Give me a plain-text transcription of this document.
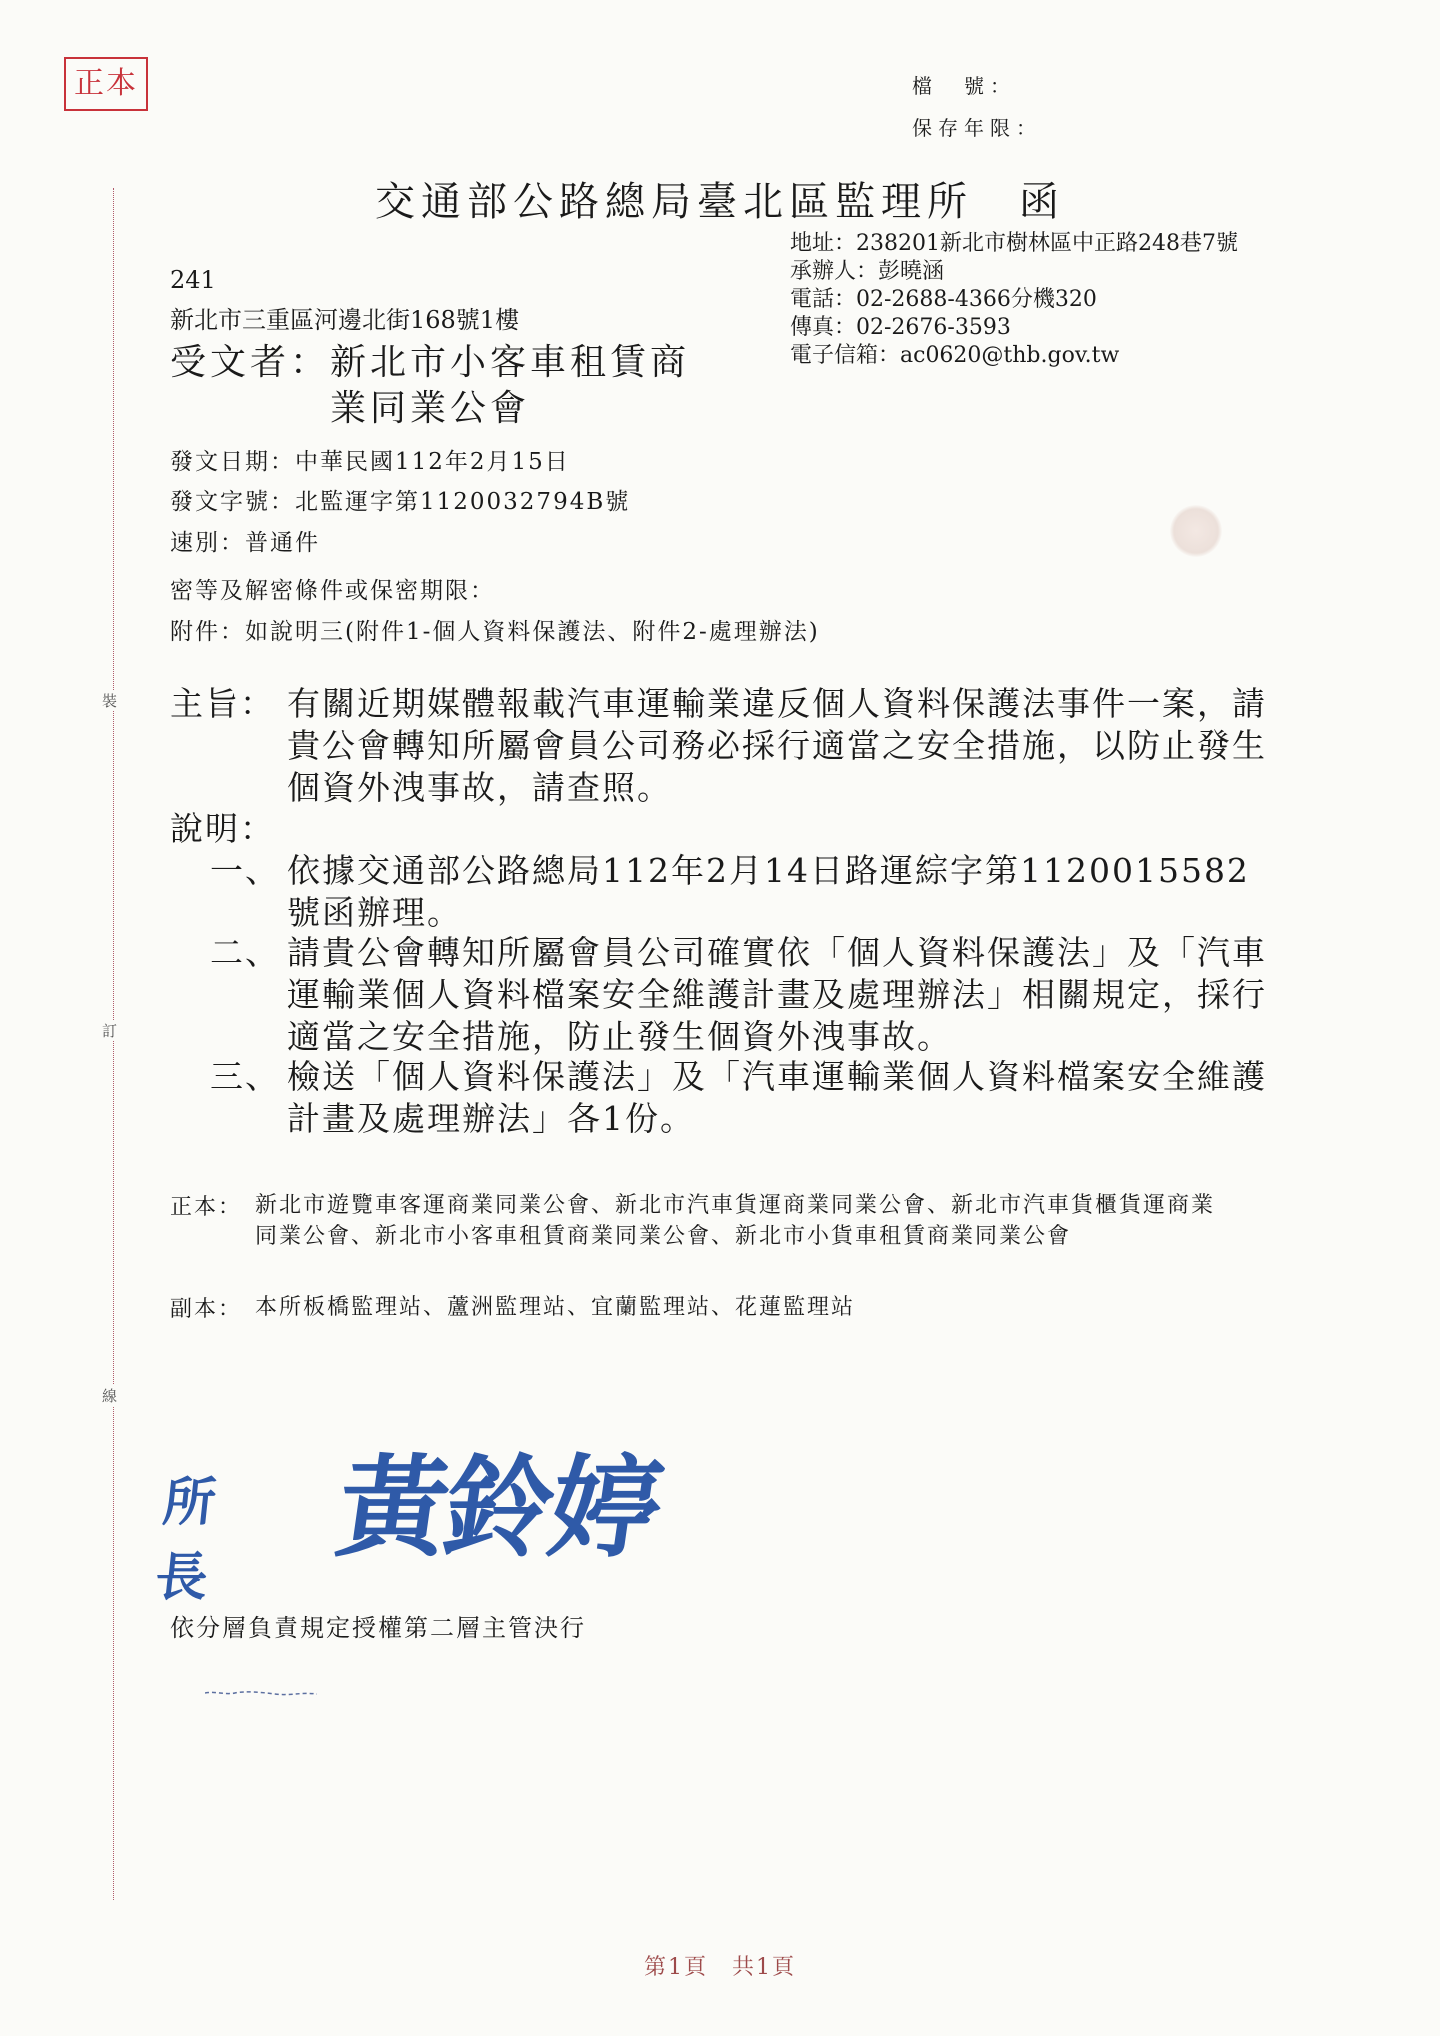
正本	檔　號：
保存年限：
交通部公路總局臺北區監理所　函
地址：238201新北市樹林區中正路248巷7號
承辦人：彭曉涵
電話：02-2688-4366分機320
傳真：02-2676-3593
電子信箱：ac0620@thb.gov.tw
241
新北市三重區河邊北街168號1樓
受文者： 新北市小客車租賃商業同業公會
發文日期：中華民國112年2月15日
發文字號：北監運字第1120032794B號
速別：普通件
密等及解密條件或保密期限：
附件：如說明三(附件1-個人資料保護法、附件2-處理辦法)
裝
訂
線
主旨： 有關近期媒體報載汽車運輸業違反個人資料保護法事件一案，請貴公會轉知所屬會員公司務必採行適當之安全措施，以防止發生個資外洩事故，請查照。
說明：
一、 依據交通部公路總局112年2月14日路運綜字第1120015582號函辦理。
二、 請貴公會轉知所屬會員公司確實依「個人資料保護法」及「汽車運輸業個人資料檔案安全維護計畫及處理辦法」相關規定，採行適當之安全措施，防止發生個資外洩事故。
三、 檢送「個人資料保護法」及「汽車運輸業個人資料檔案安全維護計畫及處理辦法」各1份。
正本： 新北市遊覽車客運商業同業公會、新北市汽車貨運商業同業公會、新北市汽車貨櫃貨運商業同業公會、新北市小客車租賃商業同業公會、新北市小貨車租賃商業同業公會
副本： 本所板橋監理站、蘆洲監理站、宜蘭監理站、花蓮監理站
所長
黃鈴婷
依分層負責規定授權第二層主管決行
第1頁　共1頁
